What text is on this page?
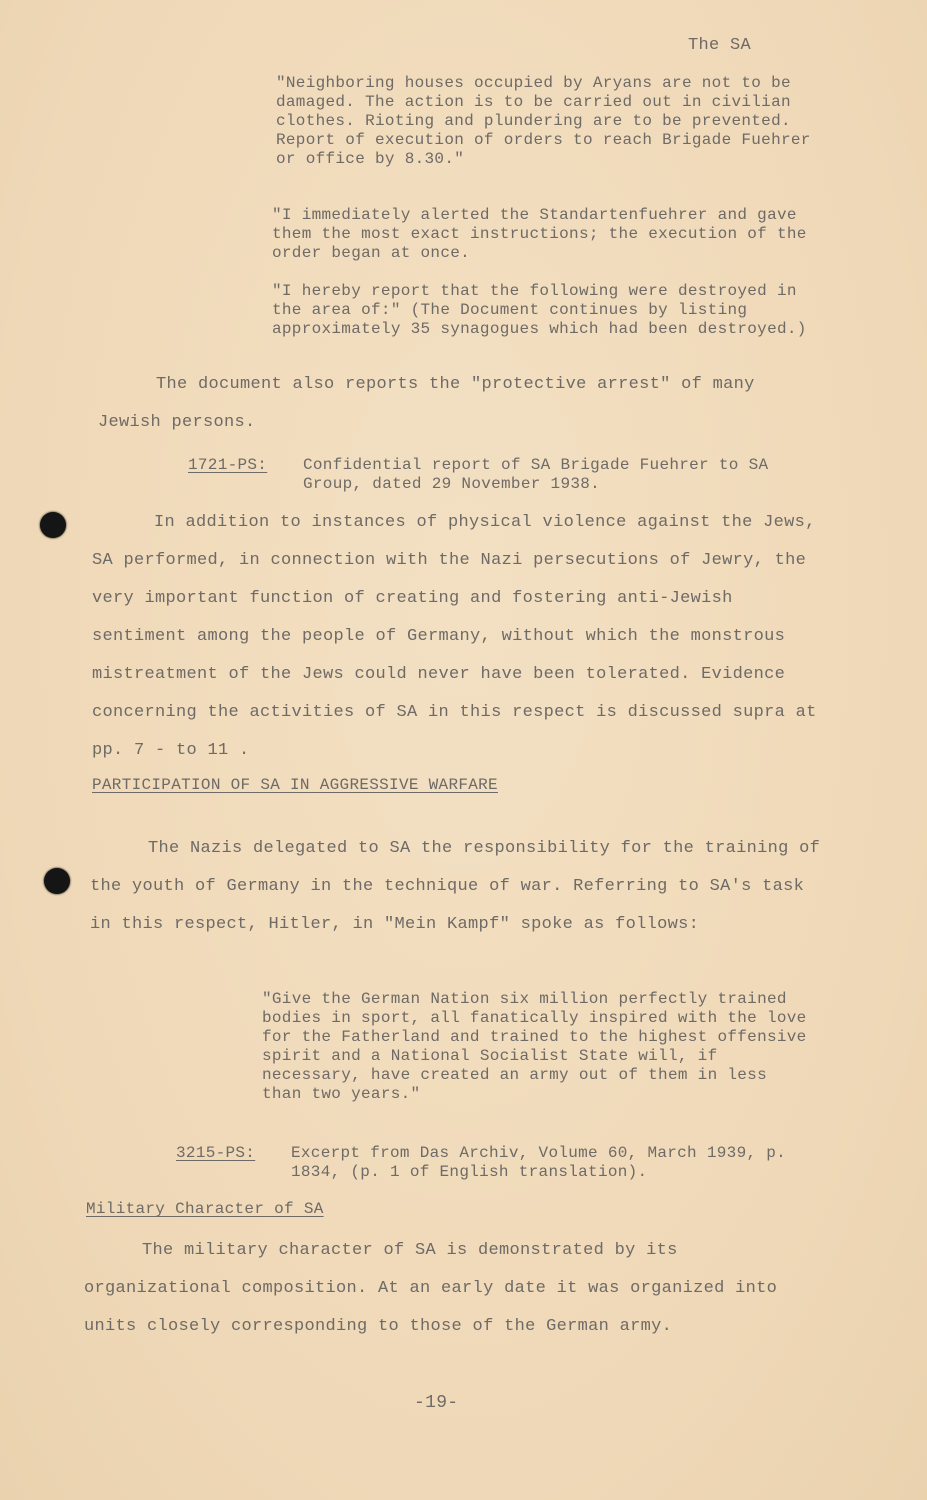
The SA
"Neighboring houses occupied by Aryans are not to be damaged. The action is to be carried out in civilian clothes. Rioting and plundering are to be prevented. Report of execution of orders to reach Brigade Fuehrer or office by 8.30."
"I immediately alerted the Standartenfuehrer and gave them the most exact instructions; the execution of the order began at once.
"I hereby report that the following were destroyed in the area of:" (The Document continues by listing approximately 35 synagogues which had been destroyed.)
The document also reports the "protective arrest" of many Jewish persons.
1721-PS: Confidential report of SA Brigade Fuehrer to SA Group, dated 29 November 1938.
In addition to instances of physical violence against the Jews, SA performed, in connection with the Nazi persecutions of Jewry, the very important function of creating and fostering anti-Jewish sentiment among the people of Germany, without which the monstrous mistreatment of the Jews could never have been tolerated. Evidence concerning the activities of SA in this respect is discussed supra at pp. 7 - to 11 .
PARTICIPATION OF SA IN AGGRESSIVE WARFARE
The Nazis delegated to SA the responsibility for the training of the youth of Germany in the technique of war. Referring to SA's task in this respect, Hitler, in "Mein Kampf" spoke as follows:
"Give the German Nation six million perfectly trained bodies in sport, all fanatically inspired with the love for the Fatherland and trained to the highest offensive spirit and a National Socialist State will, if necessary, have created an army out of them in less than two years."
3215-PS: Excerpt from Das Archiv, Volume 60, March 1939, p. 1834, (p. 1 of English translation).
Military Character of SA
The military character of SA is demonstrated by its organizational composition. At an early date it was organized into units closely corresponding to those of the German army.
-19-
